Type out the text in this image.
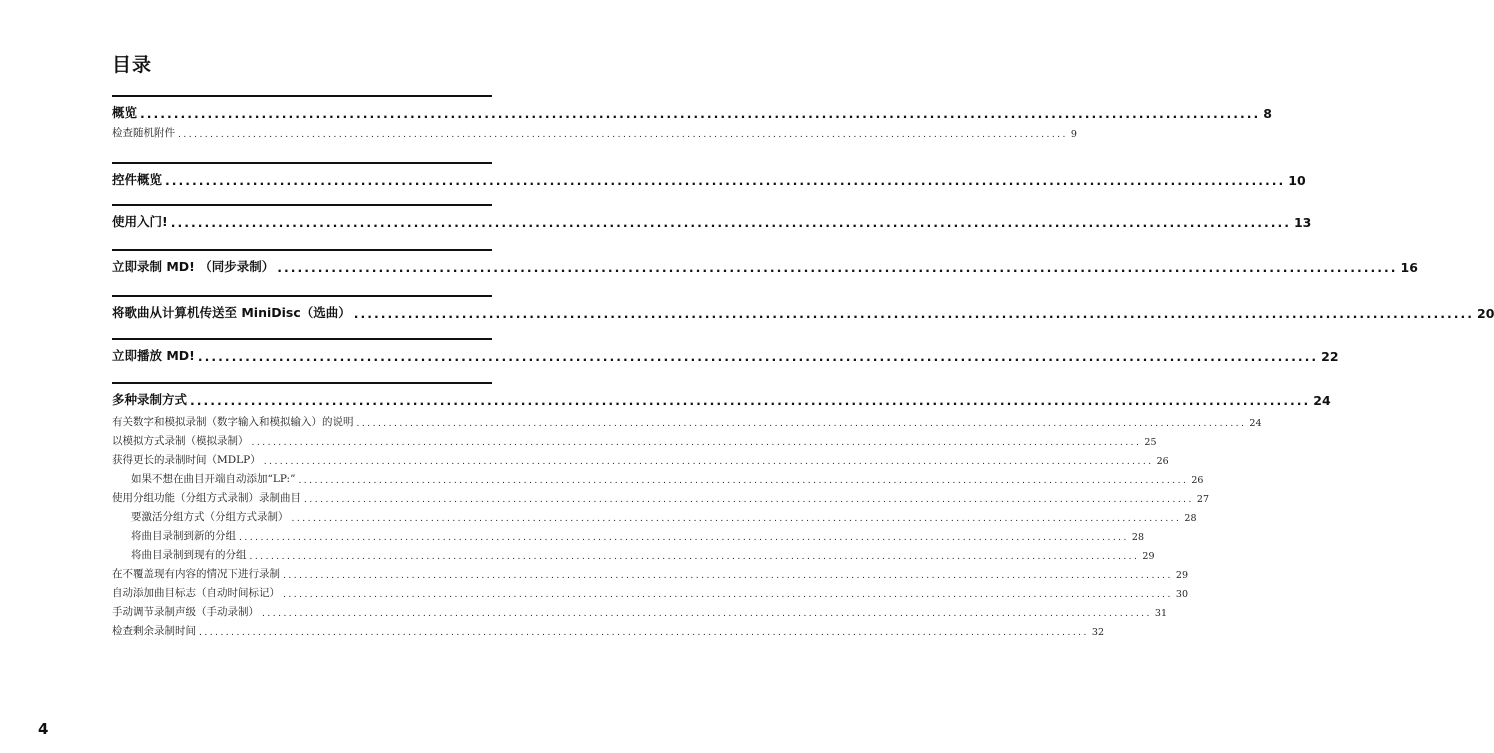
目录
概览 ...................................................................................................................................................................... 8
检查随机附件 ...................................................................................................................................................................... 9
控件概览 ...................................................................................................................................................................... 10
使用入门! ...................................................................................................................................................................... 13
立即录制 MD! （同步录制） ...................................................................................................................................................................... 16
将歌曲从计算机传送至 MiniDisc（选曲） ...................................................................................................................................................................... 20
立即播放 MD! ...................................................................................................................................................................... 22
多种录制方式 ...................................................................................................................................................................... 24
有关数字和模拟录制（数字输入和模拟输入）的说明 ...................................................................................................................................................................... 24
以模拟方式录制（模拟录制） ...................................................................................................................................................................... 25
获得更长的录制时间（MDLP） ...................................................................................................................................................................... 26
如果不想在曲目开端自动添加“LP:” ...................................................................................................................................................................... 26
使用分组功能（分组方式录制）录制曲目 ...................................................................................................................................................................... 27
要激活分组方式（分组方式录制） ...................................................................................................................................................................... 28
将曲目录制到新的分组 ...................................................................................................................................................................... 28
将曲目录制到现有的分组 ...................................................................................................................................................................... 29
在不覆盖现有内容的情况下进行录制 ...................................................................................................................................................................... 29
自动添加曲目标志（自动时间标记） ...................................................................................................................................................................... 30
手动调节录制声级（手动录制） ...................................................................................................................................................................... 31
检查剩余录制时间 ...................................................................................................................................................................... 32
4
